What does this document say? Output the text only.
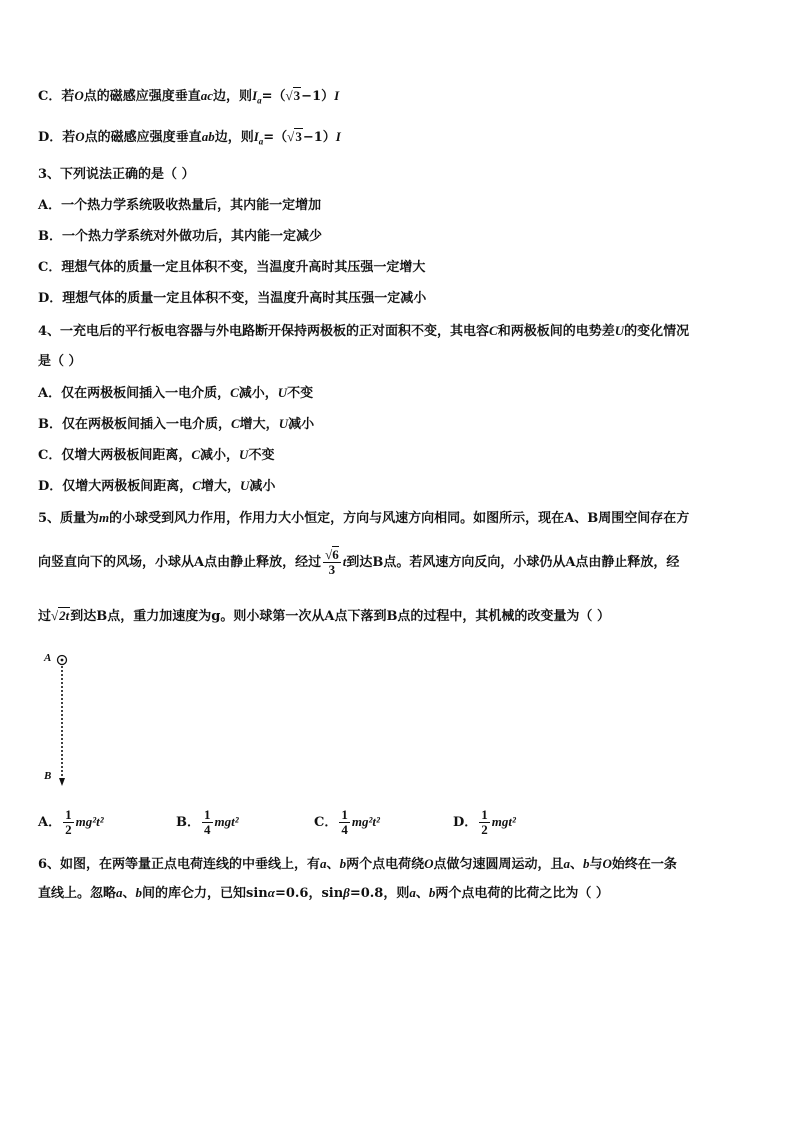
C．若O点的磁感应强度垂直ac边，则$I_a=(√3-1)I$
D．若O点的磁感应强度垂直ab边，则$I_a=(√3-1)I$
3、下列说法正确的是（ ）
A．一个热力学系统吸收热量后，其内能一定增加
B．一个热力学系统对外做功后，其内能一定减少
C．理想气体的质量一定且体积不变，当温度升高时其压强一定增大
D．理想气体的质量一定且体积不变，当温度升高时其压强一定减小
4、一充电后的平行板电容器与外电路断开保持两极板的正对面积不变，其电容C和两极板间的电势差U的变化情况
是（ ）
A．仅在两极板间插入一电介质，C减小，U不变
B．仅在两极板间插入一电介质，C增大，U减小
C．仅增大两极板间距离，C减小，U不变
D．仅增大两极板间距离，C增大，U减小
5、质量为m的小球受到风力作用，作用力大小恒定，方向与风速方向相同。如图所示，现在A、B周围空间存在方
向竖直向下的风场，小球从A点由静止释放，经过 $\frac{√6}{3}$ t到达B点。若风速方向反向，小球仍从A点由静止释放，经
过√2t到达B点，重力加速度为g。则小球第一次从A点下落到B点的过程中，其机械的改变量为（ ）
A
B
A． $\frac{1}{2} mg^2t^2$	B． $\frac{1}{4} mgt^2$	C． $\frac{1}{4} mg^2t^2$	D． $\frac{1}{2} mgt^2$
6、如图，在两等量正点电荷连线的中垂线上，有a、b两个点电荷绕O点做匀速圆周运动，且a、b与O始终在一条
直线上。忽略a、b间的库仑力，已知sinα=0.6，sinβ=0.8，则a、b两个点电荷的比荷之比为（ ）
